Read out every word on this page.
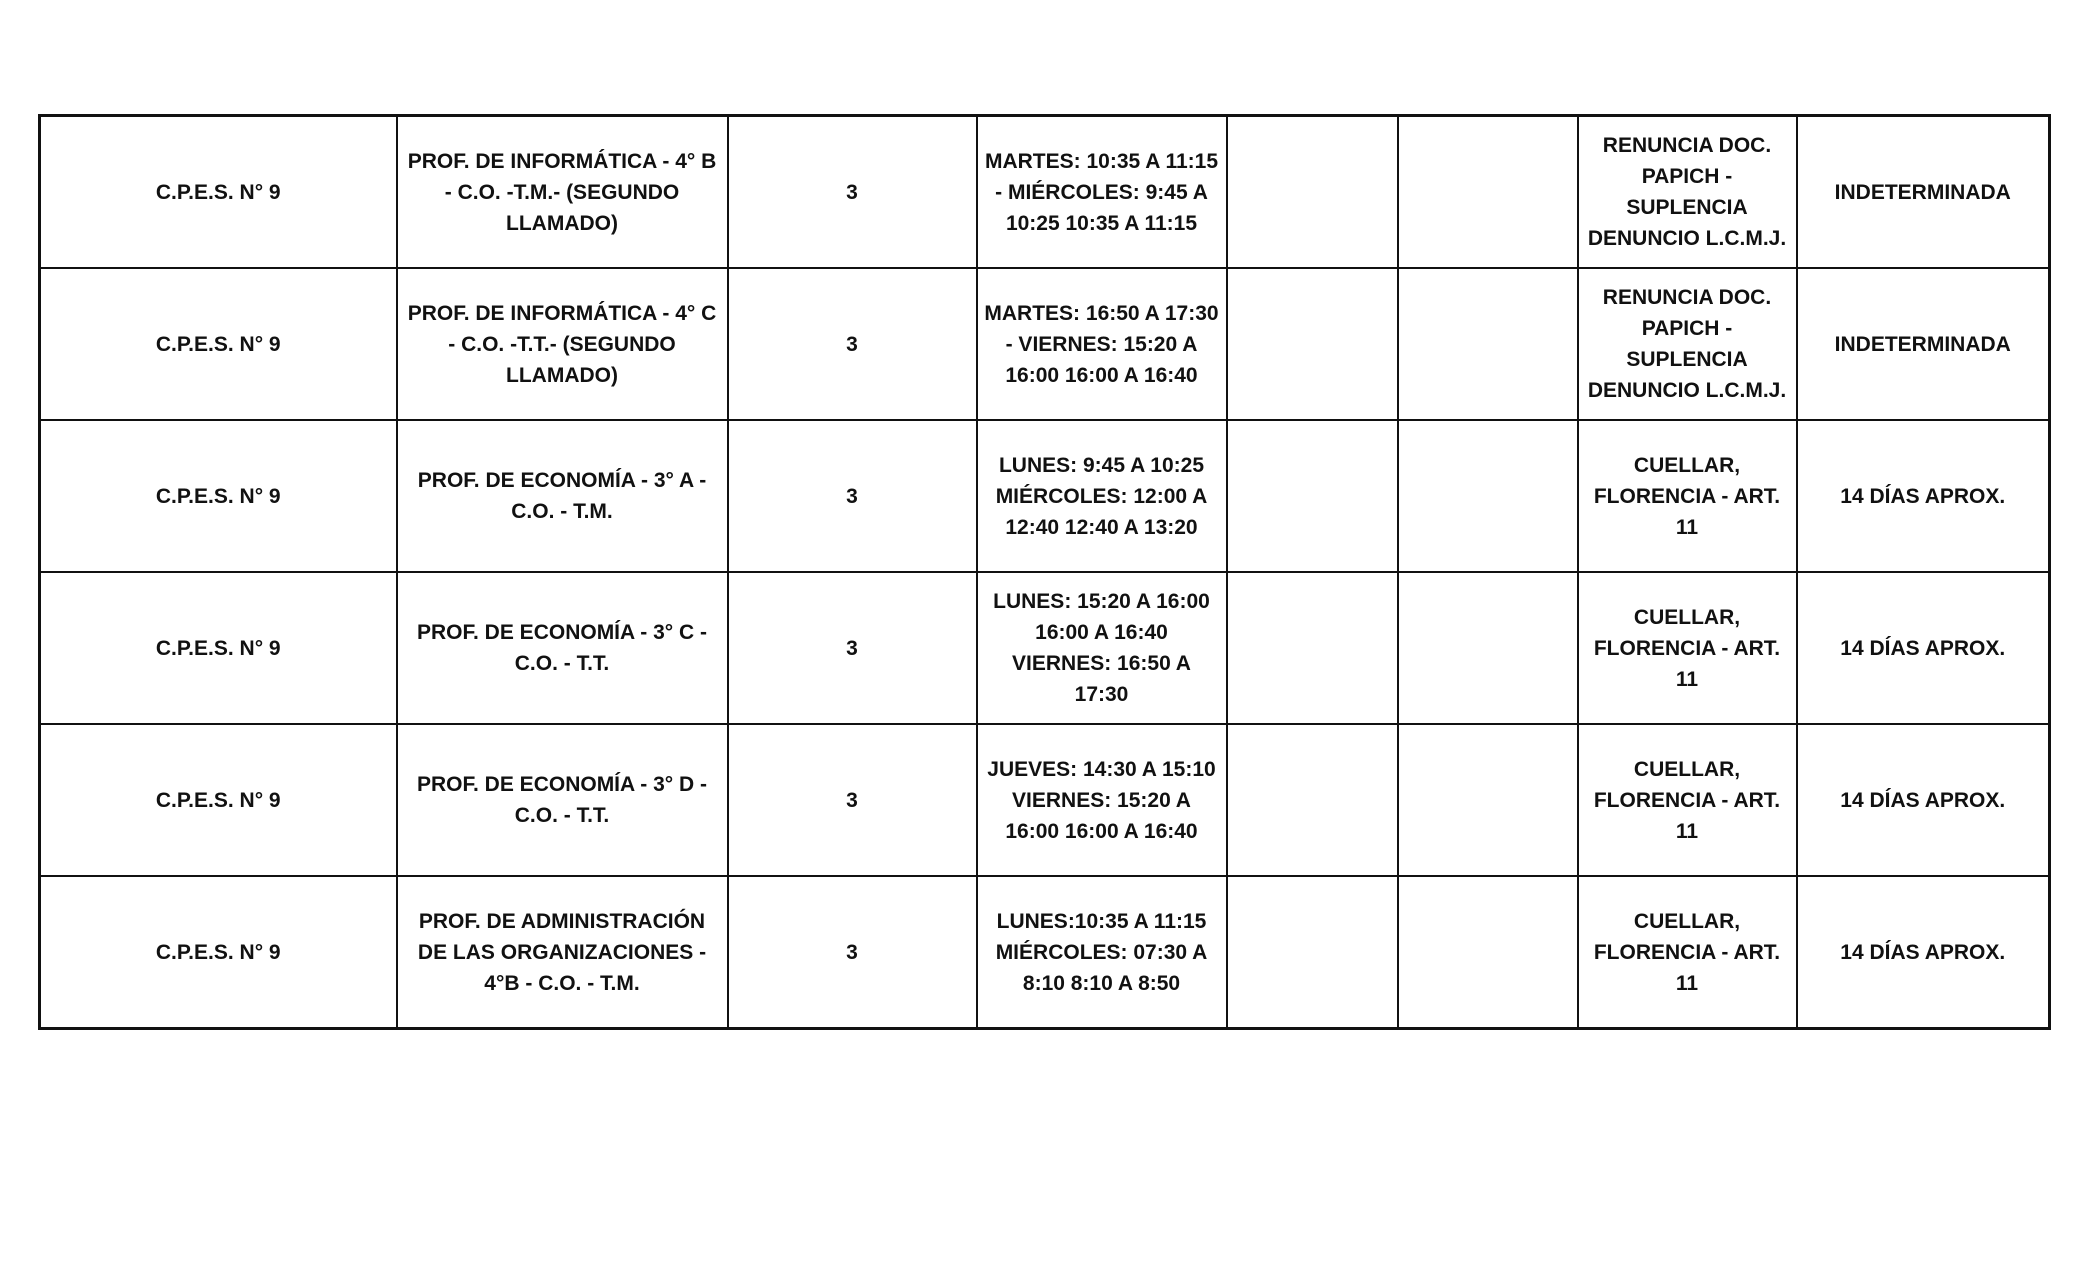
C.P.E.S. N° 9	PROF. DE INFORMÁTICA - 4° B - C.O. -T.M.- (SEGUNDO LLAMADO)	3	MARTES: 10:35 A 11:15 - MIÉRCOLES: 9:45 A 10:25 10:35 A 11:15			RENUNCIA DOC. PAPICH - SUPLENCIA DENUNCIO L.C.M.J.	INDETERMINADA
C.P.E.S. N° 9	PROF. DE INFORMÁTICA - 4° C - C.O. -T.T.- (SEGUNDO LLAMADO)	3	MARTES: 16:50 A 17:30 - VIERNES: 15:20 A 16:00 16:00 A 16:40			RENUNCIA DOC. PAPICH - SUPLENCIA DENUNCIO L.C.M.J.	INDETERMINADA
C.P.E.S. N° 9	PROF. DE ECONOMÍA - 3° A - C.O. - T.M.	3	LUNES: 9:45 A 10:25 MIÉRCOLES: 12:00 A 12:40 12:40 A 13:20			CUELLAR, FLORENCIA - ART. 11	14 DÍAS APROX.
C.P.E.S. N° 9	PROF. DE ECONOMÍA - 3° C - C.O. - T.T.	3	LUNES: 15:20 A 16:00 16:00 A 16:40 VIERNES: 16:50 A 17:30			CUELLAR, FLORENCIA - ART. 11	14 DÍAS APROX.
C.P.E.S. N° 9	PROF. DE ECONOMÍA - 3° D - C.O. - T.T.	3	JUEVES: 14:30 A 15:10 VIERNES: 15:20 A 16:00 16:00 A 16:40			CUELLAR, FLORENCIA - ART. 11	14 DÍAS APROX.
C.P.E.S. N° 9	PROF. DE ADMINISTRACIÓN DE LAS ORGANIZACIONES - 4°B - C.O. - T.M.	3	LUNES:10:35 A 11:15 MIÉRCOLES: 07:30 A 8:10 8:10 A 8:50			CUELLAR, FLORENCIA - ART. 11	14 DÍAS APROX.
